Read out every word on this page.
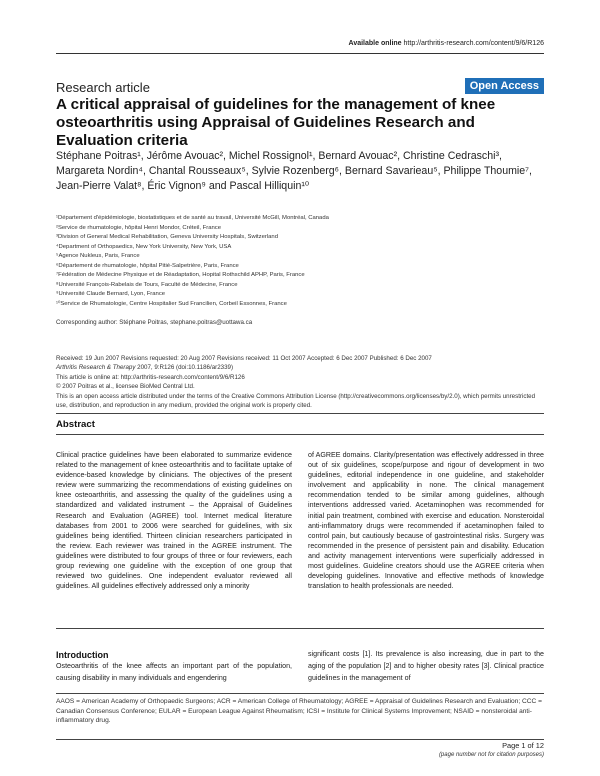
Available online http://arthritis-research.com/content/9/6/R126
Research article	Open Access
A critical appraisal of guidelines for the management of knee osteoarthritis using Appraisal of Guidelines Research and Evaluation criteria
Stéphane Poitras¹, Jérôme Avouac², Michel Rossignol¹, Bernard Avouac², Christine Cedraschi³, Margareta Nordin⁴, Chantal Rousseaux⁵, Sylvie Rozenberg⁶, Bernard Savarieau⁵, Philippe Thoumie⁷, Jean-Pierre Valat⁸, Éric Vignon⁹ and Pascal Hilliquin¹⁰
¹Département d'épidémiologie, biostatistiques et de santé au travail, Université McGill, Montréal, Canada
²Service de rhumatologie, hôpital Henri Mondor, Créteil, France
³Division of General Medical Rehabilitation, Geneva University Hospitals, Switzerland
⁴Department of Orthopaedics, New York University, New York, USA
⁵Agence Nukleus, Paris, France
⁶Département de rhumatologie, hôpital Pitié-Salpetrière, Paris, France
⁷Fédération de Médecine Physique et de Réadaptation, Hopital Rothschild APHP, Paris, France
⁸Université François-Rabelais de Tours, Faculté de Médecine, France
⁹Université Claude Bernard, Lyon, France
¹⁰Service de Rhumatologie, Centre Hospitalier Sud Francilien, Corbeil Essonnes, France
Corresponding author: Stéphane Poitras, stephane.poitras@uottawa.ca
Received: 19 Jun 2007 Revisions requested: 20 Aug 2007 Revisions received: 11 Oct 2007 Accepted: 6 Dec 2007 Published: 6 Dec 2007
Arthritis Research & Therapy 2007, 9:R126 (doi:10.1186/ar2339)
This article is online at: http://arthritis-research.com/content/9/6/R126
© 2007 Poitras et al., licensee BioMed Central Ltd.
This is an open access article distributed under the terms of the Creative Commons Attribution License (http://creativecommons.org/licenses/by/2.0), which permits unrestricted use, distribution, and reproduction in any medium, provided the original work is properly cited.
Abstract
Clinical practice guidelines have been elaborated to summarize evidence related to the management of knee osteoarthritis and to facilitate uptake of evidence-based knowledge by clinicians. The objectives of the present review were summarizing the recommendations of existing guidelines on knee osteoarthritis, and assessing the quality of the guidelines using a standardized and validated instrument – the Appraisal of Guidelines Research and Evaluation (AGREE) tool. Internet medical literature databases from 2001 to 2006 were searched for guidelines, with six guidelines being identified. Thirteen clinician researchers participated in the review. Each reviewer was trained in the AGREE instrument. The guidelines were distributed to four groups of three or four reviewers, each group reviewing one guideline with the exception of one group that reviewed two guidelines. One independent evaluator reviewed all guidelines. All guidelines effectively addressed only a minority
of AGREE domains. Clarity/presentation was effectively addressed in three out of six guidelines, scope/purpose and rigour of development in two guidelines, editorial independence in one guideline, and stakeholder involvement and applicability in none. The clinical management recommendation tended to be similar among guidelines, although interventions addressed varied. Acetaminophen was recommended for initial pain treatment, combined with exercise and education. Nonsteroidal anti-inflammatory drugs were recommended if acetaminophen failed to control pain, but cautiously because of gastrointestinal risks. Surgery was recommended in the presence of persistent pain and disability. Education and activity management interventions were superficially addressed in most guidelines. Guideline creators should use the AGREE criteria when developing guidelines. Innovative and effective methods of knowledge translation to health professionals are needed.
Introduction
Osteoarthritis of the knee affects an important part of the population, causing disability in many individuals and engendering
significant costs [1]. Its prevalence is also increasing, due in part to the aging of the population [2] and to higher obesity rates [3]. Clinical practice guidelines in the management of
AAOS = American Academy of Orthopaedic Surgeons; ACR = American College of Rheumatology; AGREE = Appraisal of Guidelines Research and Evaluation; CCC = Canadian Consensus Conference; EULAR = European League Against Rheumatism; ICSI = Institute for Clinical Systems Improvement; NSAID = nonsteroidal anti-inflammatory drug.
Page 1 of 12
(page number not for citation purposes)
